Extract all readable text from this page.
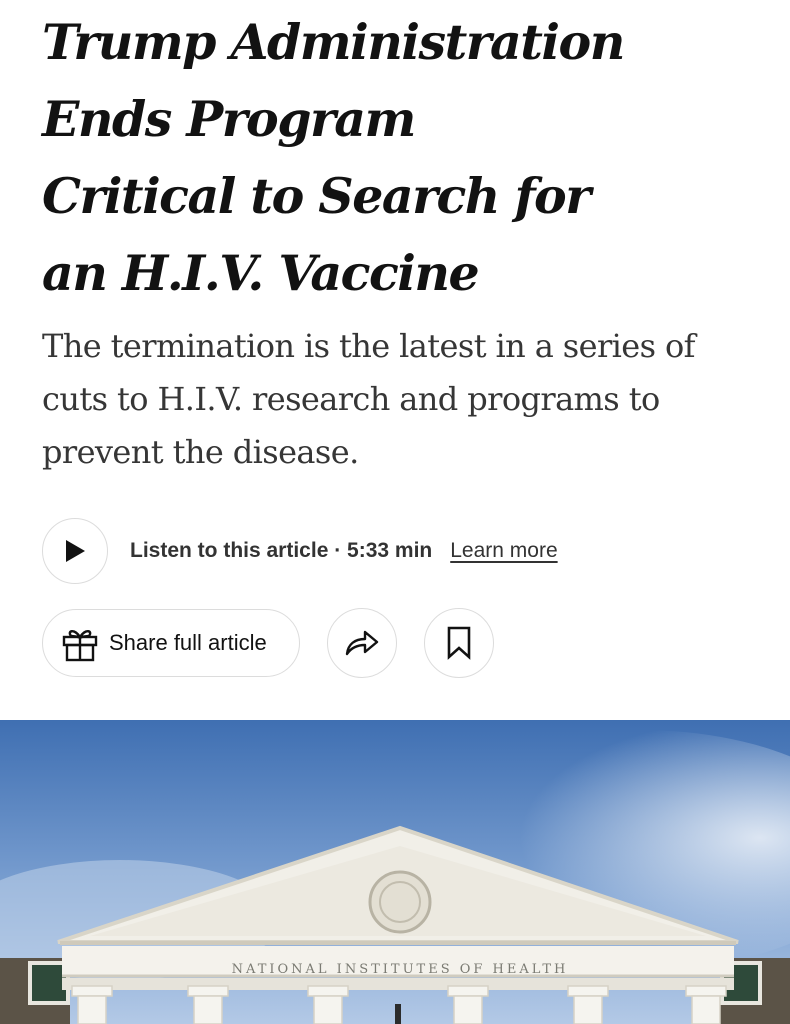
Trump Administration
Ends Program
Critical to Search for
an H.I.V. Vaccine

The termination is the latest in a series of
cuts to H.I.V. research and programs to
prevent the disease.

Listen to this article · 5:33 min Learn more
Share full article
NATIONAL INSTITUTES OF HEALTH
